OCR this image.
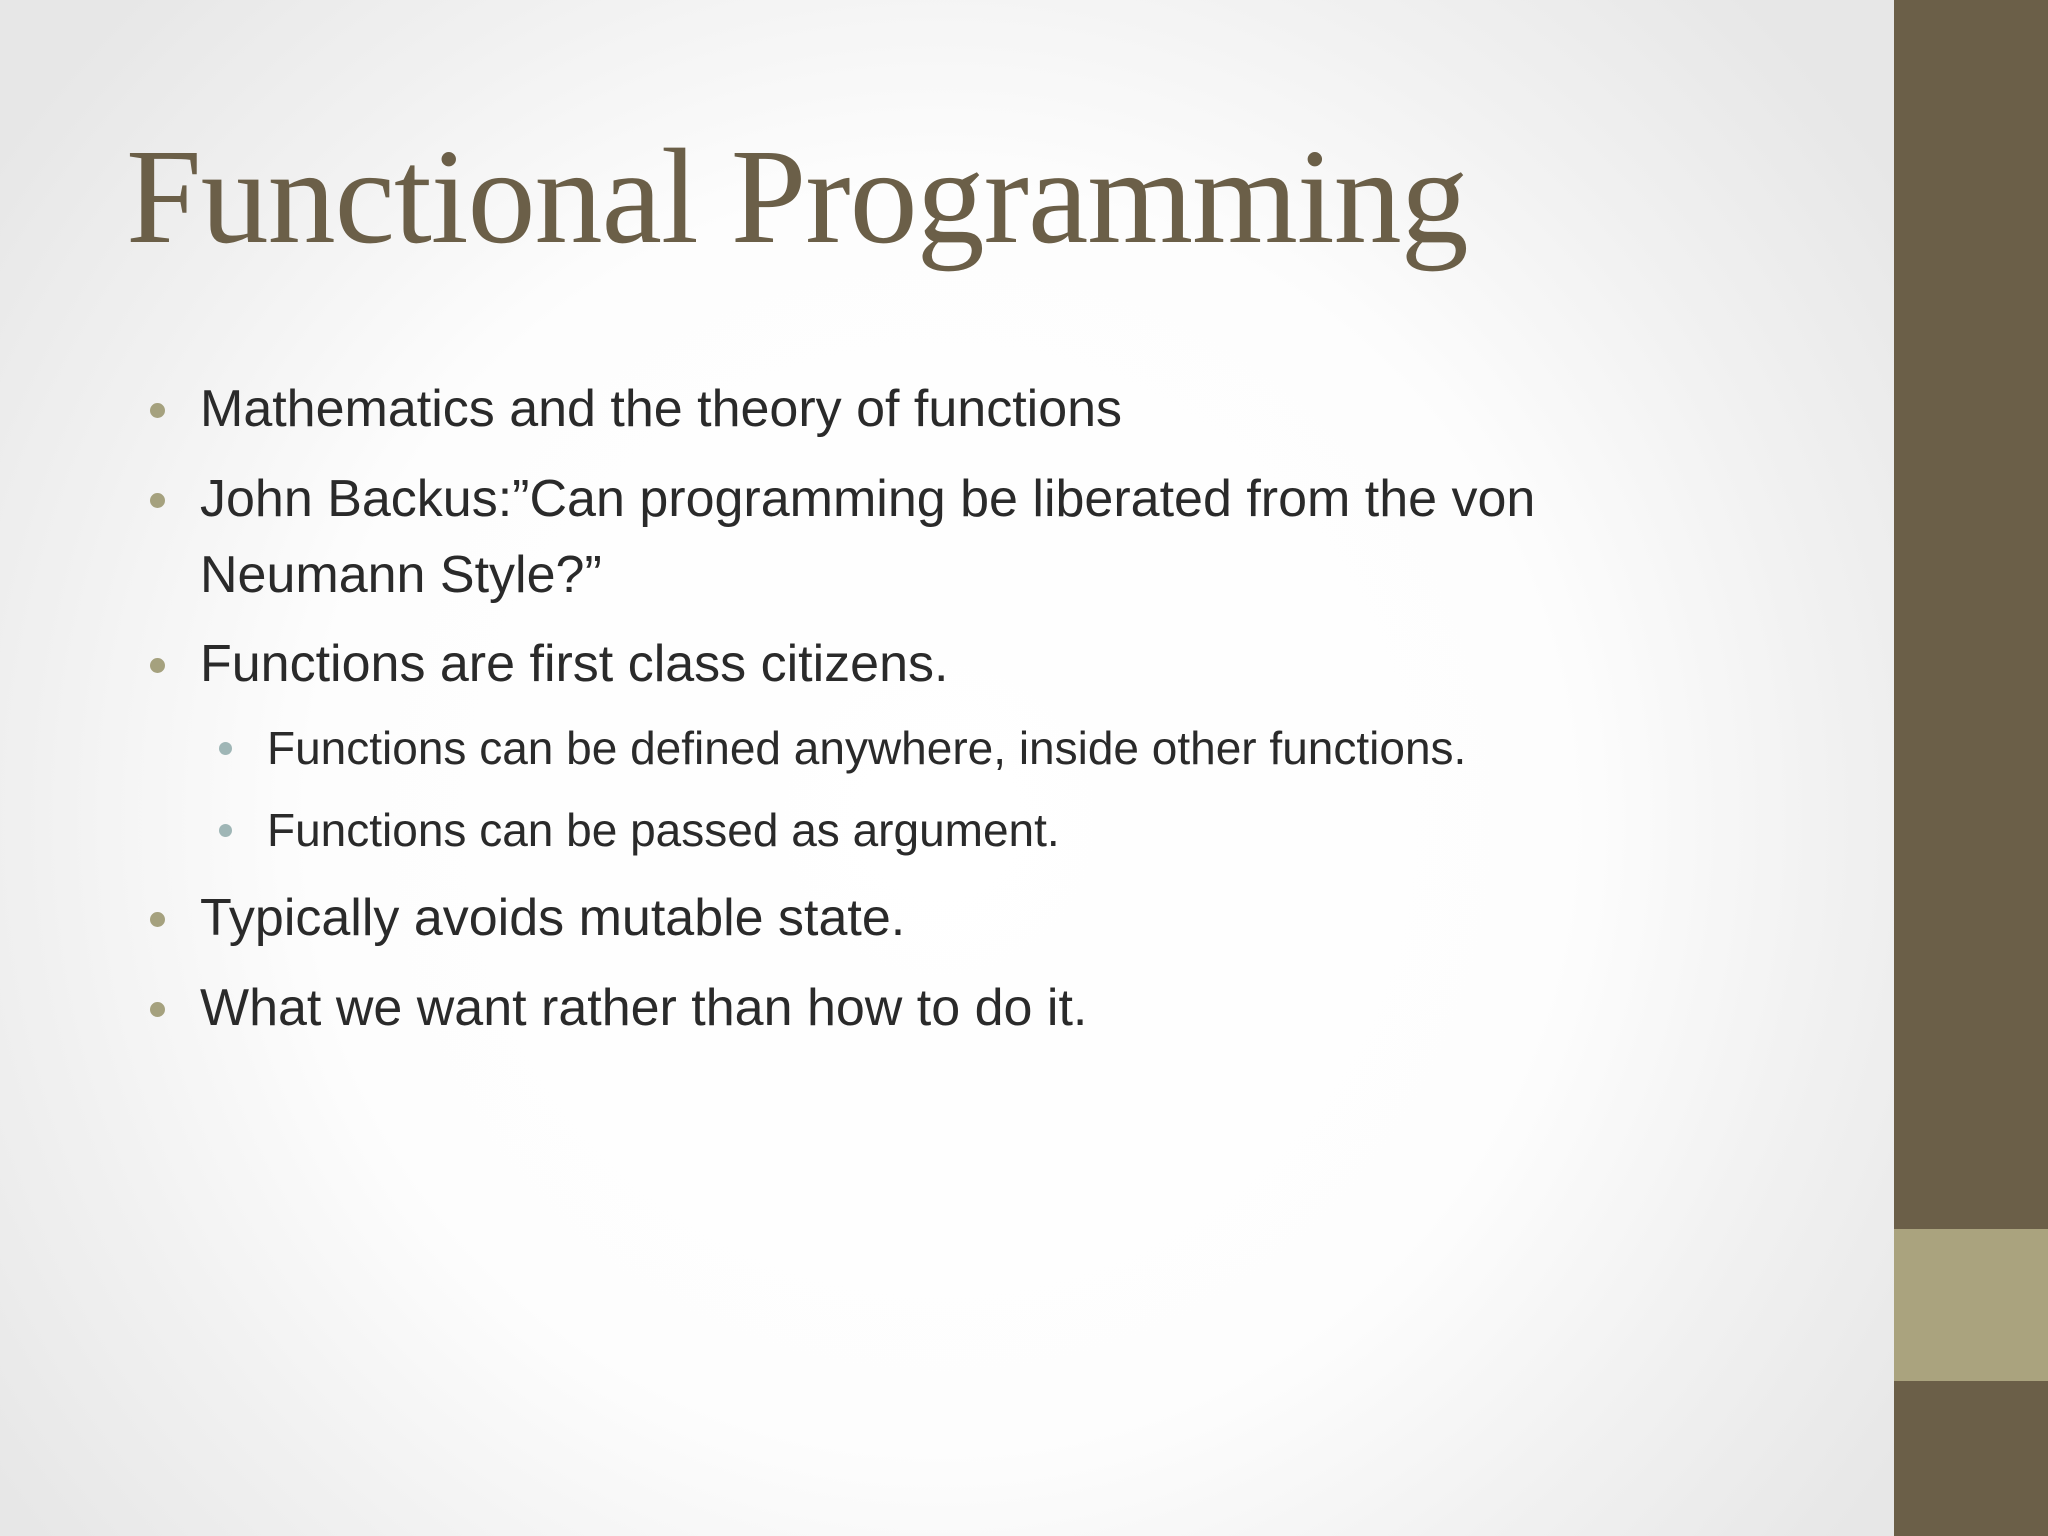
Functional Programming
Mathematics and the theory of functions
John Backus:”Can programming be liberated from the von
Neumann Style?”
Functions are first class citizens.
Functions can be defined anywhere, inside other functions.
Functions can be passed as argument.
Typically avoids mutable state.
What we want rather than how to do it.
